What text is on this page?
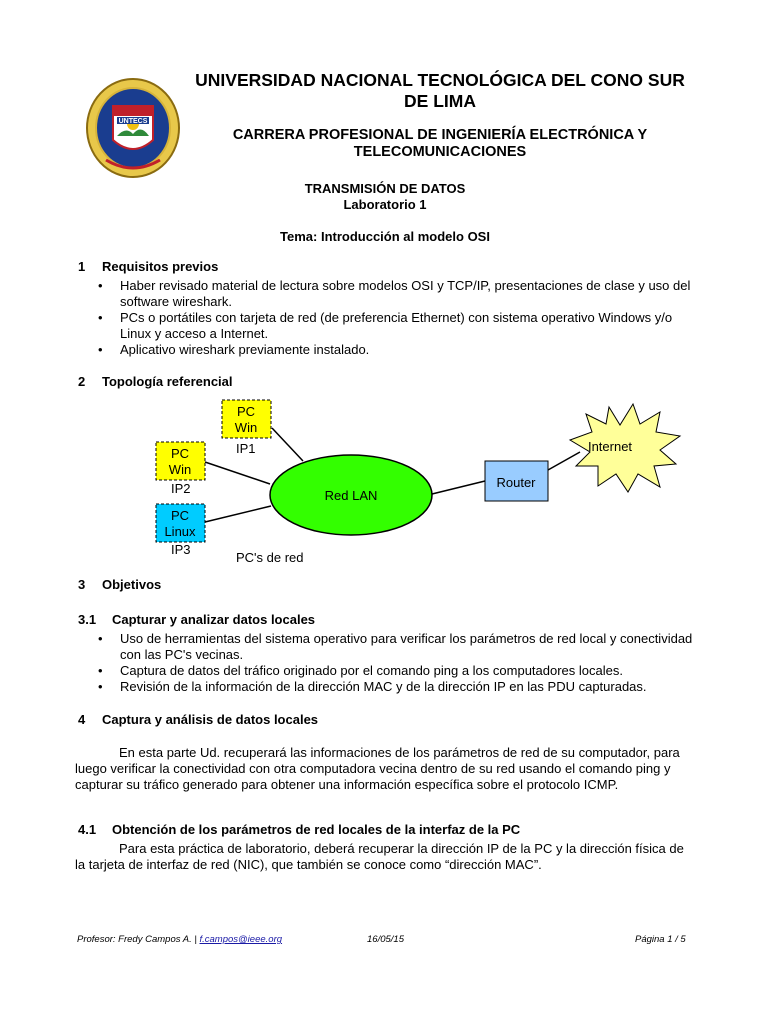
UNTECS
UNIVERSIDAD NACIONAL TECNOLÓGICA DEL CONO SUR DE LIMA
CARRERA PROFESIONAL DE INGENIERÍA ELECTRÓNICA Y TELECOMUNICACIONES
TRANSMISIÓN DE DATOS
Laboratorio 1
Tema: Introducción al modelo OSI
1 Requisitos previos
• Haber revisado material de lectura sobre modelos OSI y TCP/IP, presentaciones de clase y uso del software wireshark.
• PCs o portátiles con tarjeta de red (de preferencia Ethernet) con sistema operativo Windows y/o Linux y acceso a Internet.
• Aplicativo wireshark previamente instalado.
2 Topología referencial
PC
Win
IP1
PC
Win
IP2
PC
Linux
IP3
Red LAN
PC's de red
Router
Internet
3 Objetivos
3.1 Capturar y analizar datos locales
• Uso de herramientas del sistema operativo para verificar los parámetros de red local y conectividad con las PC's vecinas.
• Captura de datos del tráfico originado por el comando ping a los computadores locales.
• Revisión de la información de la dirección MAC y de la dirección IP en las PDU capturadas.
4 Captura y análisis de datos locales
En esta parte Ud. recuperará las informaciones de los parámetros de red de su computador, para luego verificar la conectividad con otra computadora vecina dentro de su red usando el comando ping y capturar su tráfico generado para obtener una información específica sobre el protocolo ICMP.
4.1 Obtención de los parámetros de red locales de la interfaz de la PC
Para esta práctica de laboratorio, deberá recuperar la dirección IP de la PC y la dirección física de la tarjeta de interfaz de red (NIC), que también se conoce como “dirección MAC”.
Profesor: Fredy Campos A. | f.campos@ieee.org	16/05/15	Página 1 / 5
